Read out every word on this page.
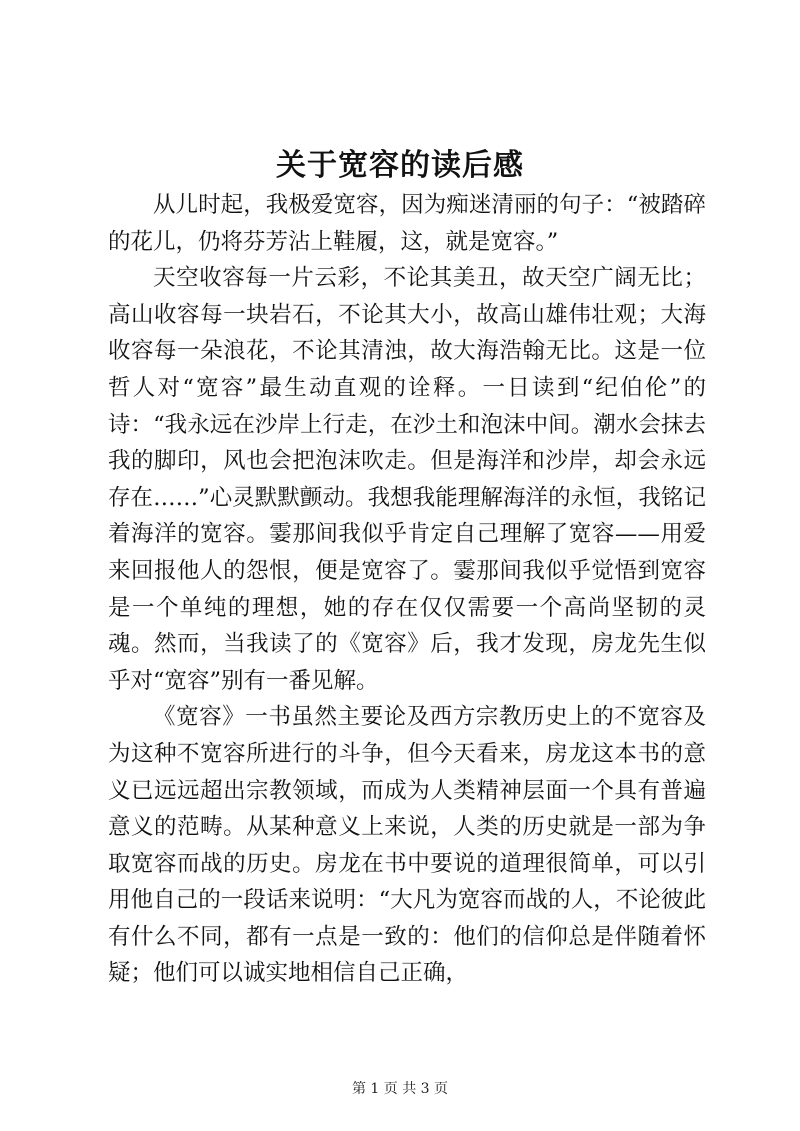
关于宽容的读后感

从儿时起，我极爱宽容，因为痴迷清丽的句子：“被踏碎的花儿，仍将芬芳沾上鞋履，这，就是宽容。”

天空收容每一片云彩，不论其美丑，故天空广阔无比；高山收容每一块岩石，不论其大小，故高山雄伟壮观；大海收容每一朵浪花，不论其清浊，故大海浩翰无比。这是一位哲人对“宽容”最生动直观的诠释。一日读到“纪伯伦”的诗：“我永远在沙岸上行走，在沙土和泡沫中间。潮水会抹去我的脚印，风也会把泡沫吹走。但是海洋和沙岸，却会永远存在……”心灵默默颤动。我想我能理解海洋的永恒，我铭记着海洋的宽容。霎那间我似乎肯定自己理解了宽容——用爱来回报他人的怨恨，便是宽容了。霎那间我似乎觉悟到宽容是一个单纯的理想，她的存在仅仅需要一个高尚坚韧的灵魂。然而，当我读了的《宽容》后，我才发现，房龙先生似乎对“宽容”别有一番见解。

《宽容》一书虽然主要论及西方宗教历史上的不宽容及为这种不宽容所进行的斗争，但今天看来，房龙这本书的意义已远远超出宗教领域，而成为人类精神层面一个具有普遍意义的范畴。从某种意义上来说，人类的历史就是一部为争取宽容而战的历史。房龙在书中要说的道理很简单，可以引用他自己的一段话来说明：“大凡为宽容而战的人，不论彼此有什么不同，都有一点是一致的：他们的信仰总是伴随着怀疑；他们可以诚实地相信自己正确，

第 1 页 共 3 页
